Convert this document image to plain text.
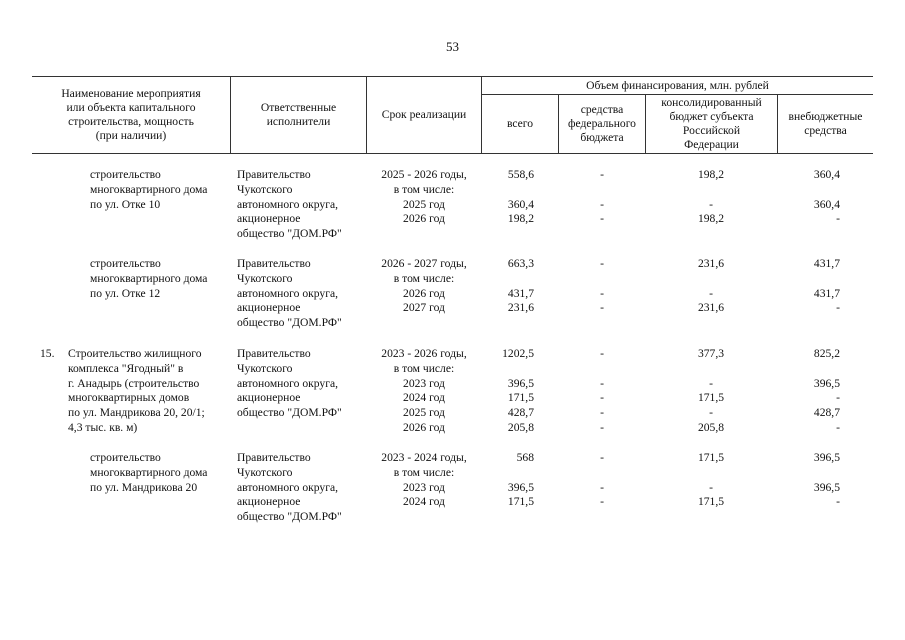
53
Наименование мероприятия
или объекта капитального
строительства, мощность
(при наличии)
Ответственные
исполнители
Срок реализации
Объем финансирования, млн. рублей
всего
средства
федерального
бюджета
консолидированный
бюджет субъекта
Российской
Федерации
внебюджетные
средства
строительство
многоквартирного дома
по ул. Отке 10
Правительство
Чукотского
автономного округа,
акционерное
общество "ДОМ.РФ"
2025 - 2026 годы,
в том числе:
2025 год
2026 год
558,6
360,4
198,2
-
-
-
198,2
-
198,2
360,4
360,4
-
строительство
многоквартирного дома
по ул. Отке 12
Правительство
Чукотского
автономного округа,
акционерное
общество "ДОМ.РФ"
2026 - 2027 годы,
в том числе:
2026 год
2027 год
663,3
431,7
231,6
-
-
-
231,6
-
231,6
431,7
431,7
-
15.	Строительство жилищного
комплекса "Ягодный" в
г. Анадырь (строительство
многоквартирных домов
по ул. Мандрикова 20, 20/1;
4,3 тыс. кв. м)
Правительство
Чукотского
автономного округа,
акционерное
общество "ДОМ.РФ"
2023 - 2026 годы,
в том числе:
2023 год
2024 год
2025 год
2026 год
1202,5
396,5
171,5
428,7
205,8
-
-
-
-
-
377,3
-
171,5
-
205,8
825,2
396,5
-
428,7
-
строительство
многоквартирного дома
по ул. Мандрикова 20
Правительство
Чукотского
автономного округа,
акционерное
общество "ДОМ.РФ"
2023 - 2024 годы,
в том числе:
2023 год
2024 год
568
396,5
171,5
-
-
-
171,5
-
171,5
396,5
396,5
-
